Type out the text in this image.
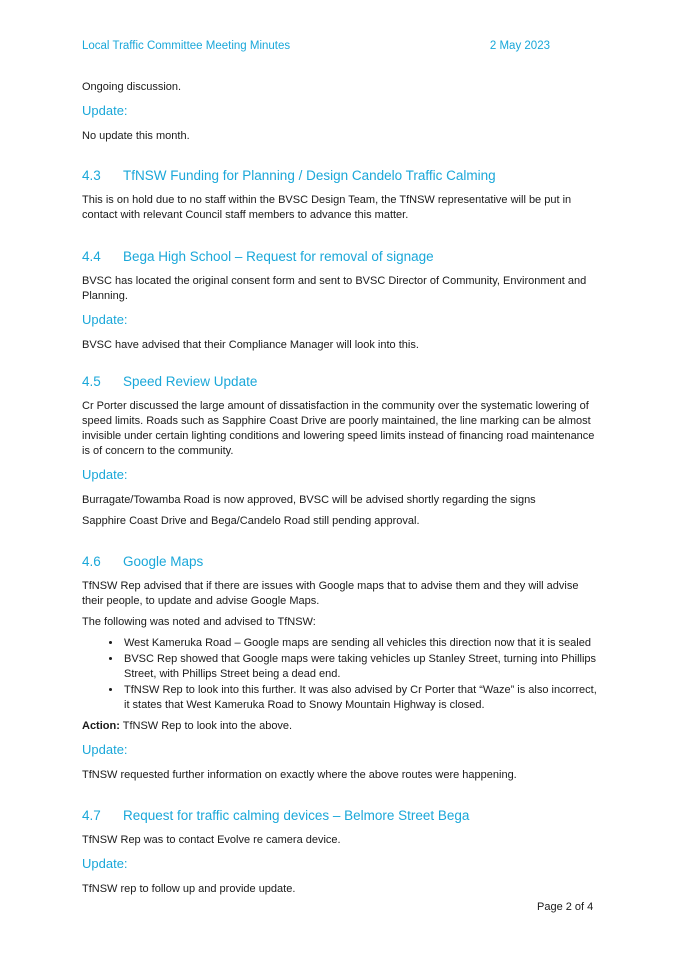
Local Traffic Committee Meeting Minutes	2 May 2023

Ongoing discussion.

Update:

No update this month.

4.3	TfNSW Funding for Planning / Design Candelo Traffic Calming

This is on hold due to no staff within the BVSC Design Team, the TfNSW representative will be put in contact with relevant Council staff members to advance this matter.

4.4	Bega High School – Request for removal of signage

BVSC has located the original consent form and sent to BVSC Director of Community, Environment and Planning.

Update:

BVSC have advised that their Compliance Manager will look into this.

4.5	Speed Review Update

Cr Porter discussed the large amount of dissatisfaction in the community over the systematic lowering of speed limits. Roads such as Sapphire Coast Drive are poorly maintained, the line marking can be almost invisible under certain lighting conditions and lowering speed limits instead of financing road maintenance is of concern to the community.

Update:

Burragate/Towamba Road is now approved, BVSC will be advised shortly regarding the signs

Sapphire Coast Drive and Bega/Candelo Road still pending approval.

4.6	Google Maps

TfNSW Rep advised that if there are issues with Google maps that to advise them and they will advise their people, to update and advise Google Maps.

The following was noted and advised to TfNSW:

• West Kameruka Road – Google maps are sending all vehicles this direction now that it is sealed
• BVSC Rep showed that Google maps were taking vehicles up Stanley Street, turning into Phillips Street, with Phillips Street being a dead end.
• TfNSW Rep to look into this further. It was also advised by Cr Porter that “Waze” is also incorrect, it states that West Kameruka Road to Snowy Mountain Highway is closed.

Action: TfNSW Rep to look into the above.

Update:

TfNSW requested further information on exactly where the above routes were happening.

4.7	Request for traffic calming devices – Belmore Street Bega

TfNSW Rep was to contact Evolve re camera device.

Update:

TfNSW rep to follow up and provide update.

Page 2 of 4
